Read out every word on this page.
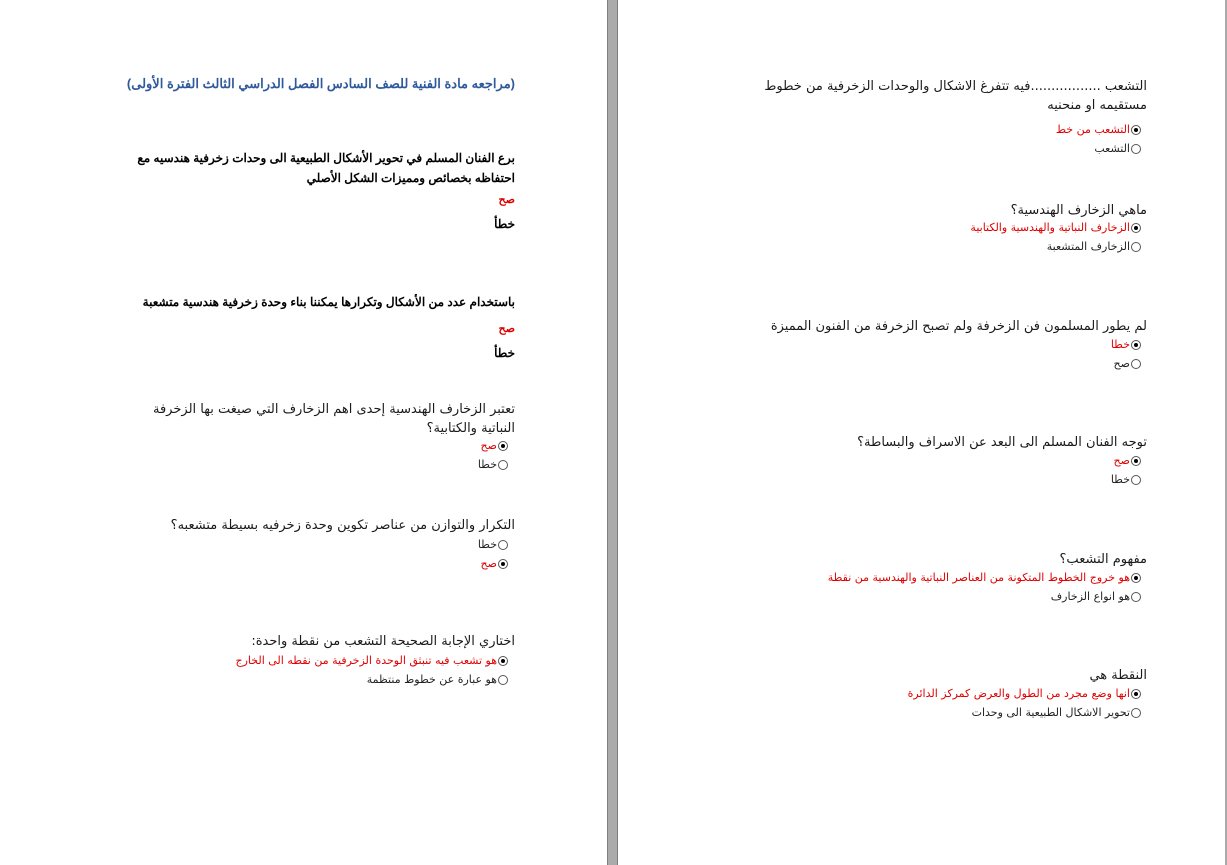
(مراجعه مادة الفنية للصف السادس الفصل الدراسي الثالث الفترة الأولى)
برع الفنان المسلم في تحوير الأشكال الطبيعية الى وحدات زخرفية هندسيه مع احتفاظه بخصائص ومميزات الشكل الأصلي
صح
خطأ
باستخدام عدد من الأشكال وتكرارها يمكننا بناء وحدة زخرفية هندسية متشعبة
صح
خطأ
تعتبر الزخارف الهندسية إحدى اهم الزخارف التي صيغت بها الزخرفة النباتية والكتابية؟
صح
خطا
التكرار والتوازن من عناصر تكوين وحدة زخرفيه بسيطة متشعبه؟
خطا
صح
اختاري الإجابة الصحيحة التشعب من نقطة واحدة:
هو تشعب فيه تنبثق الوحدة الزخرفية من نقطه الى الخارج
هو عبارة عن خطوط منتظمة
التشعب .................فيه تتفرغ الاشكال والوحدات الزخرفية من خطوط مستقيمه او منحنيه
التشعب من خط
التشعب
ماهي الزخارف الهندسية؟
الزخارف النباتية والهندسية والكتابية
الزخارف المتشعبة
لم يطور المسلمون فن الزخرفة ولم تصبح الزخرفة من الفنون المميزة
خطا
صح
توجه الفنان المسلم الى البعد عن الاسراف والبساطة؟
صح
خطا
مفهوم التشعب؟
هو خروج الخطوط المتكونة من العناصر النباتية والهندسية من نقطة
هو انواع الزخارف
النقطة هي
انها وضع مجرد من الطول والعرض كمركز الدائرة
تحوير الاشكال الطبيعية الى وحدات
